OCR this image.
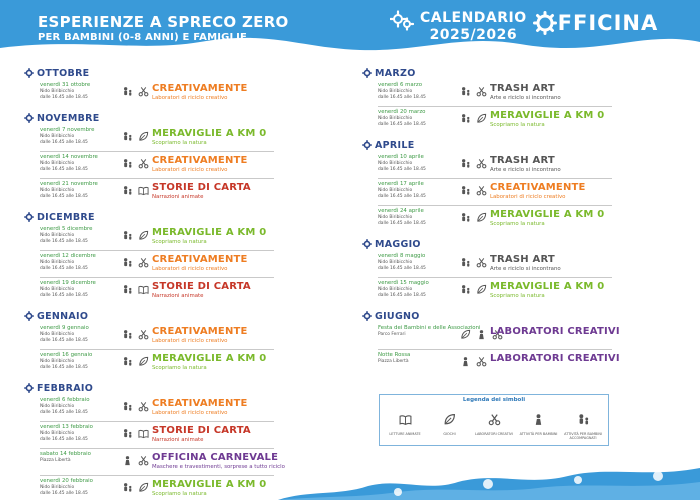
ESPERIENZE A SPRECO ZERO
PER BAMBINI (0-8 ANNI) E FAMIGLIE
CALENDARIO
2025/2026	FFICINA
OTTOBRE
venerdì 31 ottobre
Nido Biribicchio
dalle 16.45 alle 18.45
CREATIVAMENTE
Laboratori di riciclo creativo
NOVEMBRE
venerdì 7 novembre
Nido Biribicchio
dalle 16.45 alle 18.45
MERAVIGLIE A KM 0
Scopriamo la natura
venerdì 14 novembre
Nido Biribicchio
dalle 16.45 alle 18.45
CREATIVAMENTE
Laboratori di riciclo creativo
venerdì 21 novembre
Nido Biribicchio
dalle 16.45 alle 18.45
STORIE DI CARTA
Narrazioni animate
DICEMBRE
venerdì 5 dicembre
Nido Biribicchio
dalle 16.45 alle 18.45
MERAVIGLIE A KM 0
Scopriamo la natura
venerdì 12 dicembre
Nido Biribicchio
dalle 16.45 alle 18.45
CREATIVAMENTE
Laboratori di riciclo creativo
venerdì 19 dicembre
Nido Biribicchio
dalle 16.45 alle 18.45
STORIE DI CARTA
Narrazioni animate
GENNAIO
venerdì 9 gennaio
Nido Biribicchio
dalle 16.45 alle 18.45
CREATIVAMENTE
Laboratori di riciclo creativo
venerdì 16 gennaio
Nido Biribicchio
dalle 16.45 alle 18.45
MERAVIGLIE A KM 0
Scopriamo la natura
FEBBRAIO
venerdì 6 febbraio
Nido Biribicchio
dalle 16.45 alle 18.45
CREATIVAMENTE
Laboratori di riciclo creativo
venerdì 13 febbraio
Nido Biribicchio
dalle 16.45 alle 18.45
STORIE DI CARTA
Narrazioni animate
sabato 14 febbraio
Piazza Libertà	OFFICINA CARNEVALE
Maschere e travestimenti, sorprese a tutto riciclo
venerdì 20 febbraio
Nido Biribicchio
dalle 16.45 alle 18.45
MERAVIGLIE A KM 0
Scopriamo la natura
MARZO
venerdì 6 marzo
Nido Biribicchio
dalle 16.45 alle 18.45
TRASH ART
Arte e riciclo si incontrano
venerdì 20 marzo
Nido Biribicchio
dalle 16.45 alle 18.45
MERAVIGLIE A KM 0
Scopriamo la natura
APRILE
venerdì 10 aprile
Nido Biribicchio
dalle 16.45 alle 18.45
TRASH ART
Arte e riciclo si incontrano
venerdì 17 aprile
Nido Biribicchio
dalle 16.45 alle 18.45
CREATIVAMENTE
Laboratori di riciclo creativo
venerdì 24 aprile
Nido Biribicchio
dalle 16.45 alle 18.45
MERAVIGLIE A KM 0
Scopriamo la natura
MAGGIO
venerdì 8 maggio
Nido Biribicchio
dalle 16.45 alle 18.45
TRASH ART
Arte e riciclo si incontrano
venerdì 15 maggio
Nido Biribicchio
dalle 16.45 alle 18.45
MERAVIGLIE A KM 0
Scopriamo la natura
GIUGNO
Festa dei Bambini e delle Associazioni
Parco Ferrari	LABORATORI CREATIVI
Notte Rossa
Piazza Libertà	LABORATORI CREATIVI
Legenda dei simboli
LETTURE ANIMATE	GIOCHI	LABORATORI CREATIVI ATTIVITÀ PER BAMBINI ATTIVITÀ PER BAMBINI ACCOMPAGNATI
